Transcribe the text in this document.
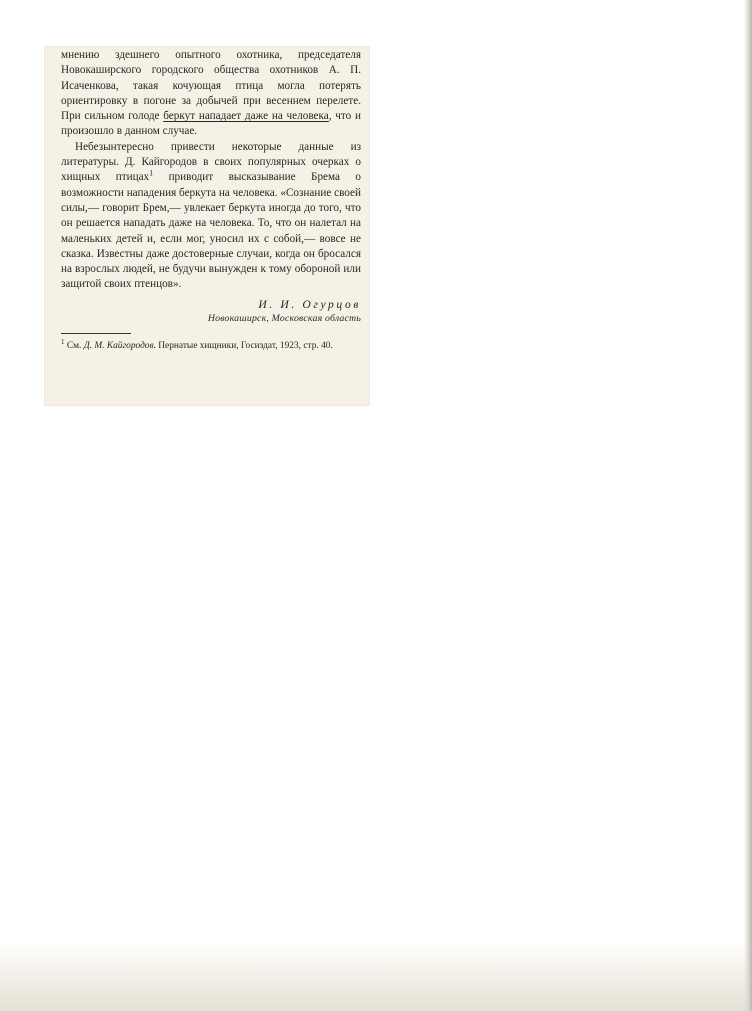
мнению здешнего опытного охотника, председателя Новокаширского городского общества охотников А. П. Исаченкова, такая кочующая птица могла потерять ориентировку в погоне за добычей при весеннем перелете. При сильном голоде беркут нападает даже на человека, что и произошло в данном случае.

Небезынтересно привести некоторые данные из литературы. Д. Кайгородов в своих популярных очерках о хищных птицах$^1$ приводит высказывание Брема о возможности нападения беркута на человека. «Сознание своей силы,— говорит Брем,— увлекает беркута иногда до того, что он решается нападать даже на человека. То, что он налетал на маленьких детей и, если мог, уносил их с собой,— вовсе не сказка. Известны даже достоверные случаи, когда он бросался на взрослых людей, не будучи вынужден к тому обороной или защитой своих птенцов».

И. И. Огурцов
Новокаширск, Московская область
$^1$ См. Д. М. Кайгородов. Пернатые хищники, Госиздат, 1923, стр. 40.
